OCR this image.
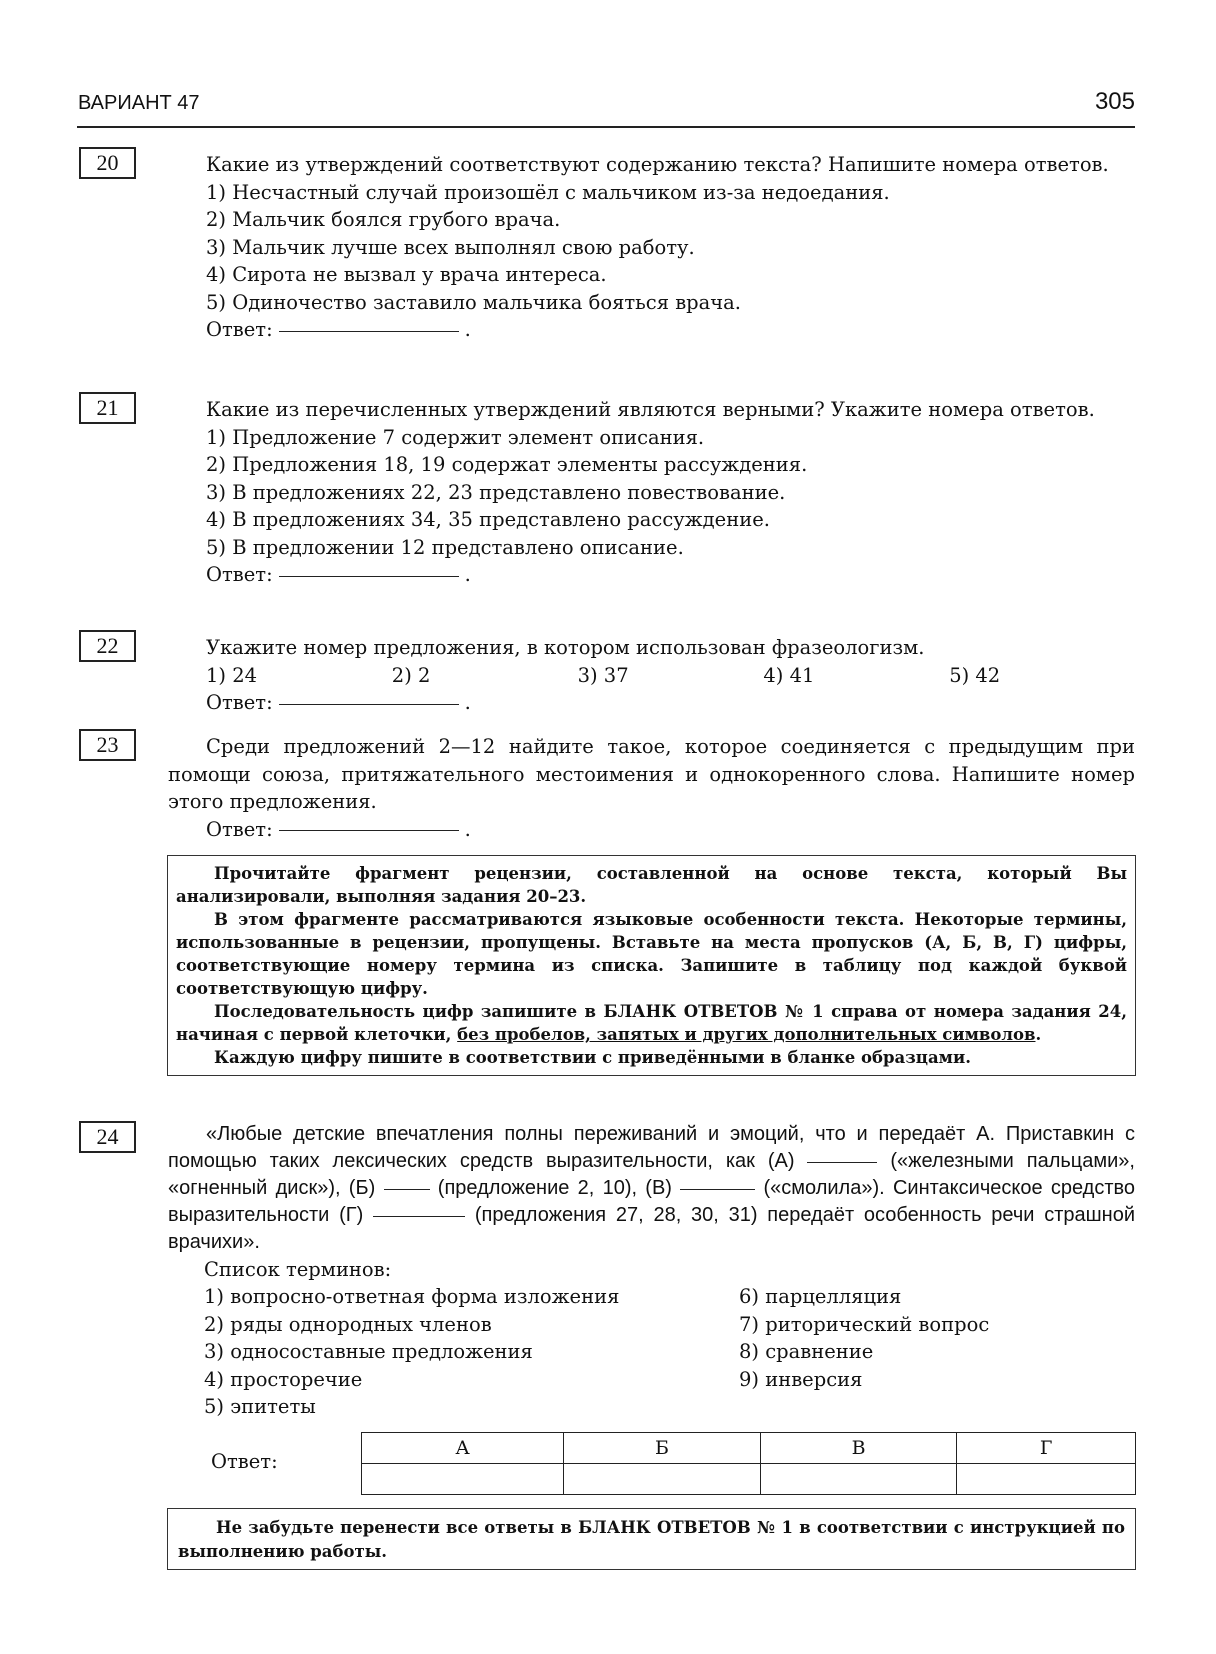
ВАРИАНТ 47	305
20	Какие из утверждений соответствуют содержанию текста? Напишите номера ответов.
1) Несчастный случай произошёл с мальчиком из-за недоедания.
2) Мальчик боялся грубого врача.
3) Мальчик лучше всех выполнял свою работу.
4) Сирота не вызвал у врача интереса.
5) Одиночество заставило мальчика бояться врача.
Ответ:	.
21	Какие из перечисленных утверждений являются верными? Укажите номера ответов.
1) Предложение 7 содержит элемент описания.
2) Предложения 18, 19 содержат элементы рассуждения.
3) В предложениях 22, 23 представлено повествование.
4) В предложениях 34, 35 представлено рассуждение.
5) В предложении 12 представлено описание.
Ответ:	.
22	Укажите номер предложения, в котором использован фразеологизм.
1) 24	2) 2	3) 37	4) 41	5) 42
Ответ:	.
23	Среди предложений 2—12 найдите такое, которое соединяется с предыдущим при помощи союза, притяжательного местоимения и однокоренного слова. Напишите номер этого предложения.
Ответ:	.

Прочитайте фрагмент рецензии, составленной на основе текста, который Вы анализировали, выполняя задания 20–23.

В этом фрагменте рассматриваются языковые особенности текста. Некоторые термины, использованные в рецензии, пропущены. Вставьте на места пропусков (А, Б, В, Г) цифры, соответствующие номеру термина из списка. Запишите в таблицу под каждой буквой соответствующую цифру.

Последовательность цифр запишите в БЛАНК ОТВЕТОВ № 1 справа от номера задания 24, начиная с первой клеточки, без пробелов, запятых и других дополнительных символов.

Каждую цифру пишите в соответствии с приведёнными в бланке образцами.

24	«Любые детские впечатления полны переживаний и эмоций, что и передаёт А. Приставкин с помощью таких лексических средств выразительности, как (А)	(«железными пальцами», «огненный диск»), (Б)	(предложение 2, 10), (В)	(«смолила»). Синтаксическое средство выразительности (Г)	(предложения 27, 28, 30, 31) передаёт особенность речи страшной врачихи».

Список терминов:
1) вопросно-ответная форма изложения
2) ряды однородных членов
3) односоставные предложения
4) просторечие
5) эпитеты
6) парцелляция
7) риторический вопрос
8) сравнение
9) инверсия
Ответ:
А	Б	В	Г

Не забудьте перенести все ответы в БЛАНК ОТВЕТОВ № 1 в соответствии с инструкцией по выполнению работы.
